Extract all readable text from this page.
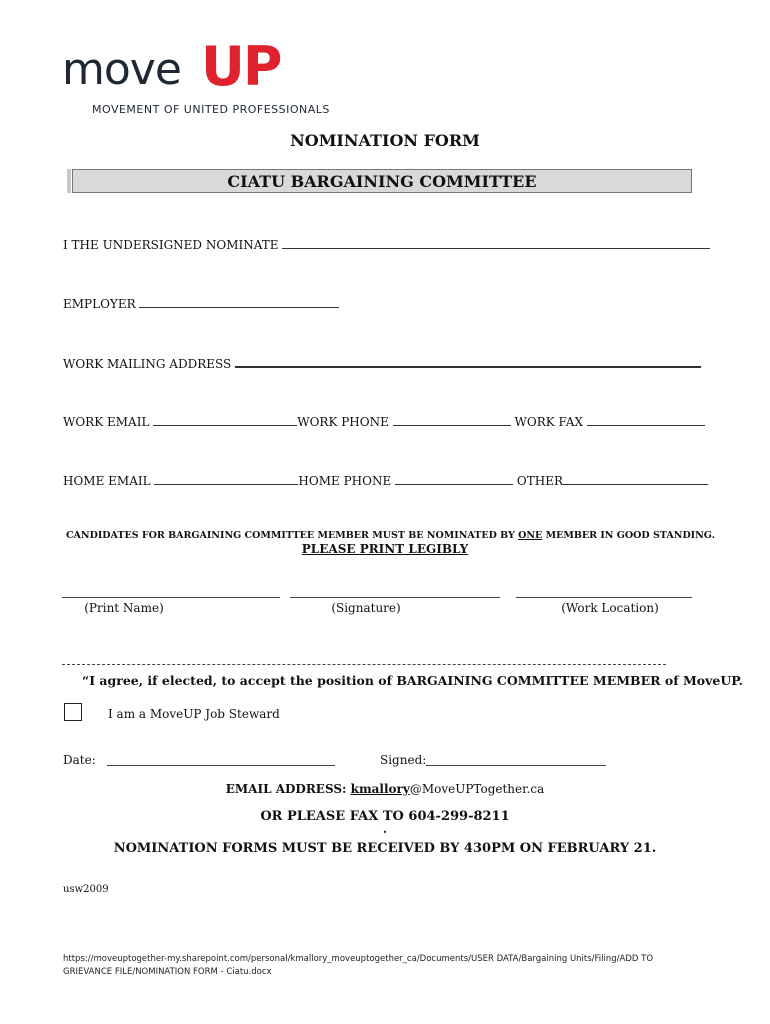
move UP
MOVEMENT OF UNITED PROFESSIONALS
NOMINATION FORM
CIATU BARGAINING COMMITTEE
I THE UNDERSIGNED NOMINATE
EMPLOYER
WORK MAILING ADDRESS
WORK EMAIL	WORK PHONE	WORK FAX
HOME EMAIL	HOME PHONE	OTHER
CANDIDATES FOR BARGAINING COMMITTEE MEMBER MUST BE NOMINATED BY ONE MEMBER IN GOOD STANDING.
PLEASE PRINT LEGIBLY
(Print Name)	(Signature)	(Work Location)
“I agree, if elected, to accept the position of BARGAINING COMMITTEE MEMBER of MoveUP.
I am a MoveUP Job Steward
Date:	Signed:
EMAIL ADDRESS: kmallory@MoveUPTogether.ca
OR PLEASE FAX TO 604-299-8211
.
NOMINATION FORMS MUST BE RECEIVED BY 430PM ON FEBRUARY 21.
usw2009
https://moveuptogether-my.sharepoint.com/personal/kmallory_moveuptogether_ca/Documents/USER DATA/Bargaining Units/Filing/ADD TO
GRIEVANCE FILE/NOMINATION FORM - Ciatu.docx
